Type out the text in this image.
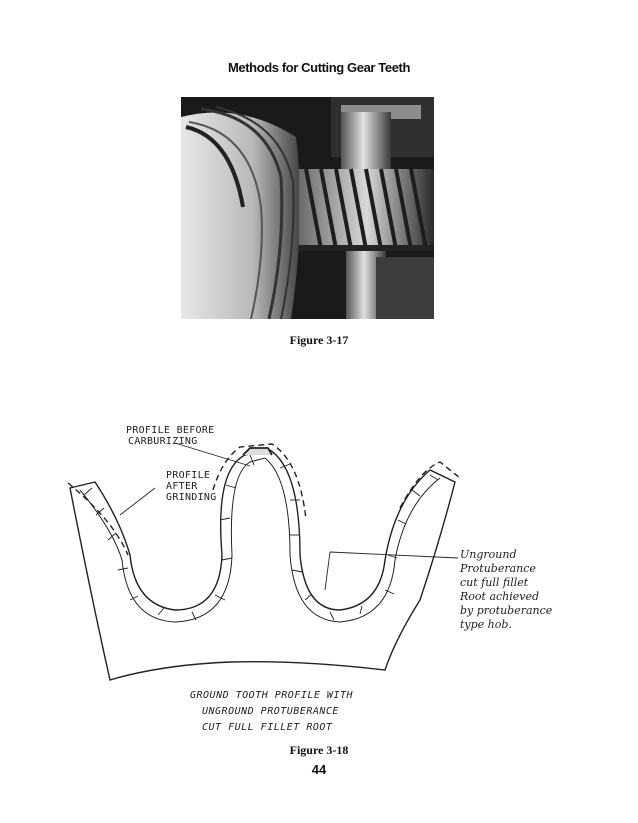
Methods for Cutting Gear Teeth
Figure 3-17
PROFILE BEFORE
CARBURIZING
PROFILE
AFTER
GRINDING
Unground
Protuberance
cut full fillet
Root achieved
by protuberance
type hob.
GROUND TOOTH PROFILE WITH
UNGROUND PROTUBERANCE
CUT FULL FILLET ROOT
Figure 3-18
44
